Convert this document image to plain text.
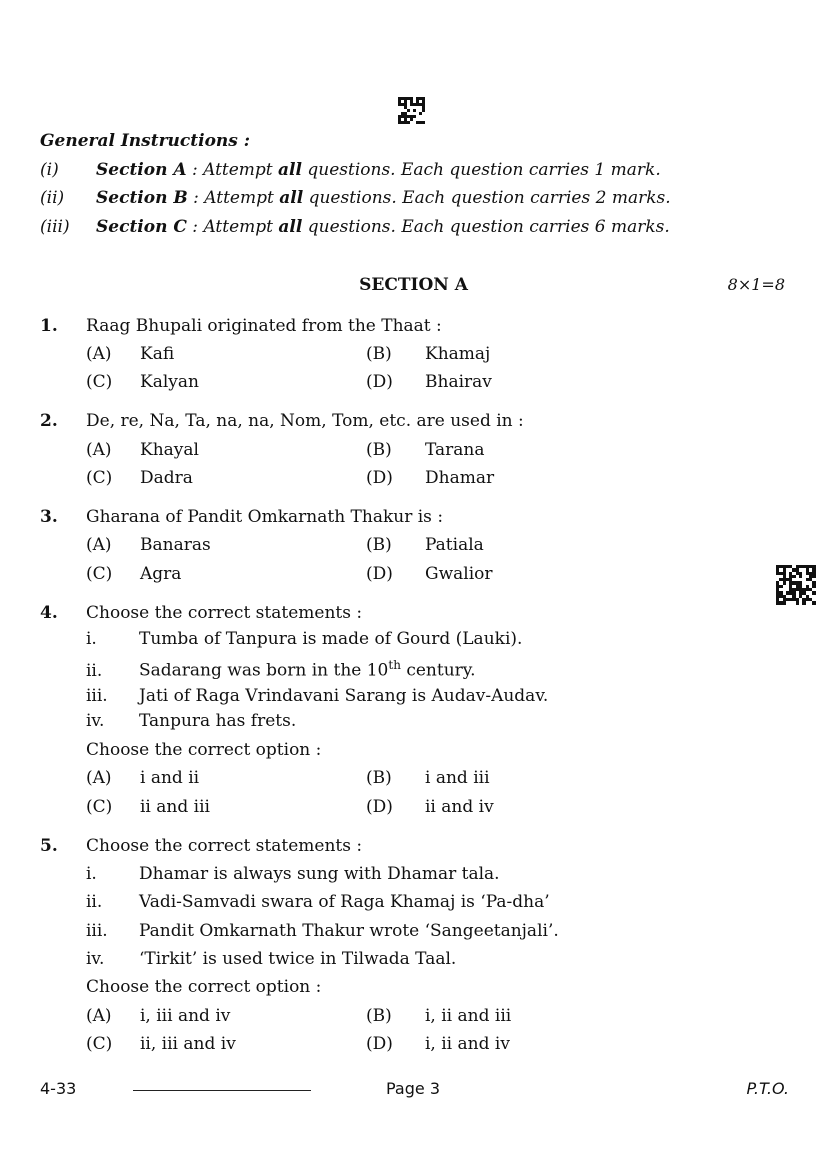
General Instructions :
(i) Section A : Attempt all questions. Each question carries 1 mark.
(ii) Section B : Attempt all questions. Each question carries 2 marks.
(iii) Section C : Attempt all questions. Each question carries 6 marks.
SECTION A	8×1=8
1. Raag Bhupali originated from the Thaat :
(A) Kafi	(B) Khamaj
(C) Kalyan	(D) Bhairav
2. De, re, Na, Ta, na, na, Nom, Tom, etc. are used in :
(A) Khayal	(B) Tarana
(C) Dadra	(D) Dhamar
3. Gharana of Pandit Omkarnath Thakur is :
(A) Banaras	(B) Patiala
(C) Agra	(D) Gwalior
4. Choose the correct statements :
i. Tumba of Tanpura is made of Gourd (Lauki).
ii. Sadarang was born in the 10th century.
iii. Jati of Raga Vrindavani Sarang is Audav-Audav.
iv. Tanpura has frets.
Choose the correct option :
(A) i and ii	(B) i and iii
(C) ii and iii	(D) ii and iv
5. Choose the correct statements :
i. Dhamar is always sung with Dhamar tala.
ii. Vadi-Samvadi swara of Raga Khamaj is ‘Pa-dha’
iii. Pandit Omkarnath Thakur wrote ‘Sangeetanjali’.
iv. ‘Tirkit’ is used twice in Tilwada Taal.
Choose the correct option :
(A) i, iii and iv	(B) i, ii and iii
(C) ii, iii and iv	(D) i, ii and iv
4-33	Page 3	P.T.O.
